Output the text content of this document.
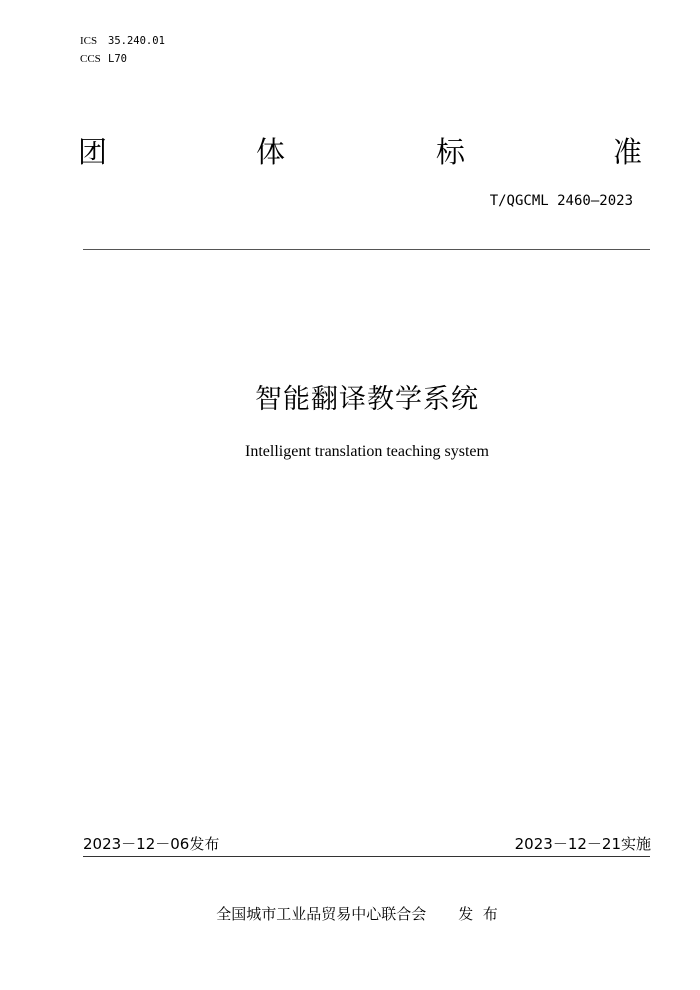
ICS 35.240.01
CCS L70
团	体	标	准
T/QGCML 2460—2023
智能翻译教学系统
Intelligent translation teaching system
2023－12－06发布	2023－12－21实施
全国城市工业品贸易中心联合会 发  布
